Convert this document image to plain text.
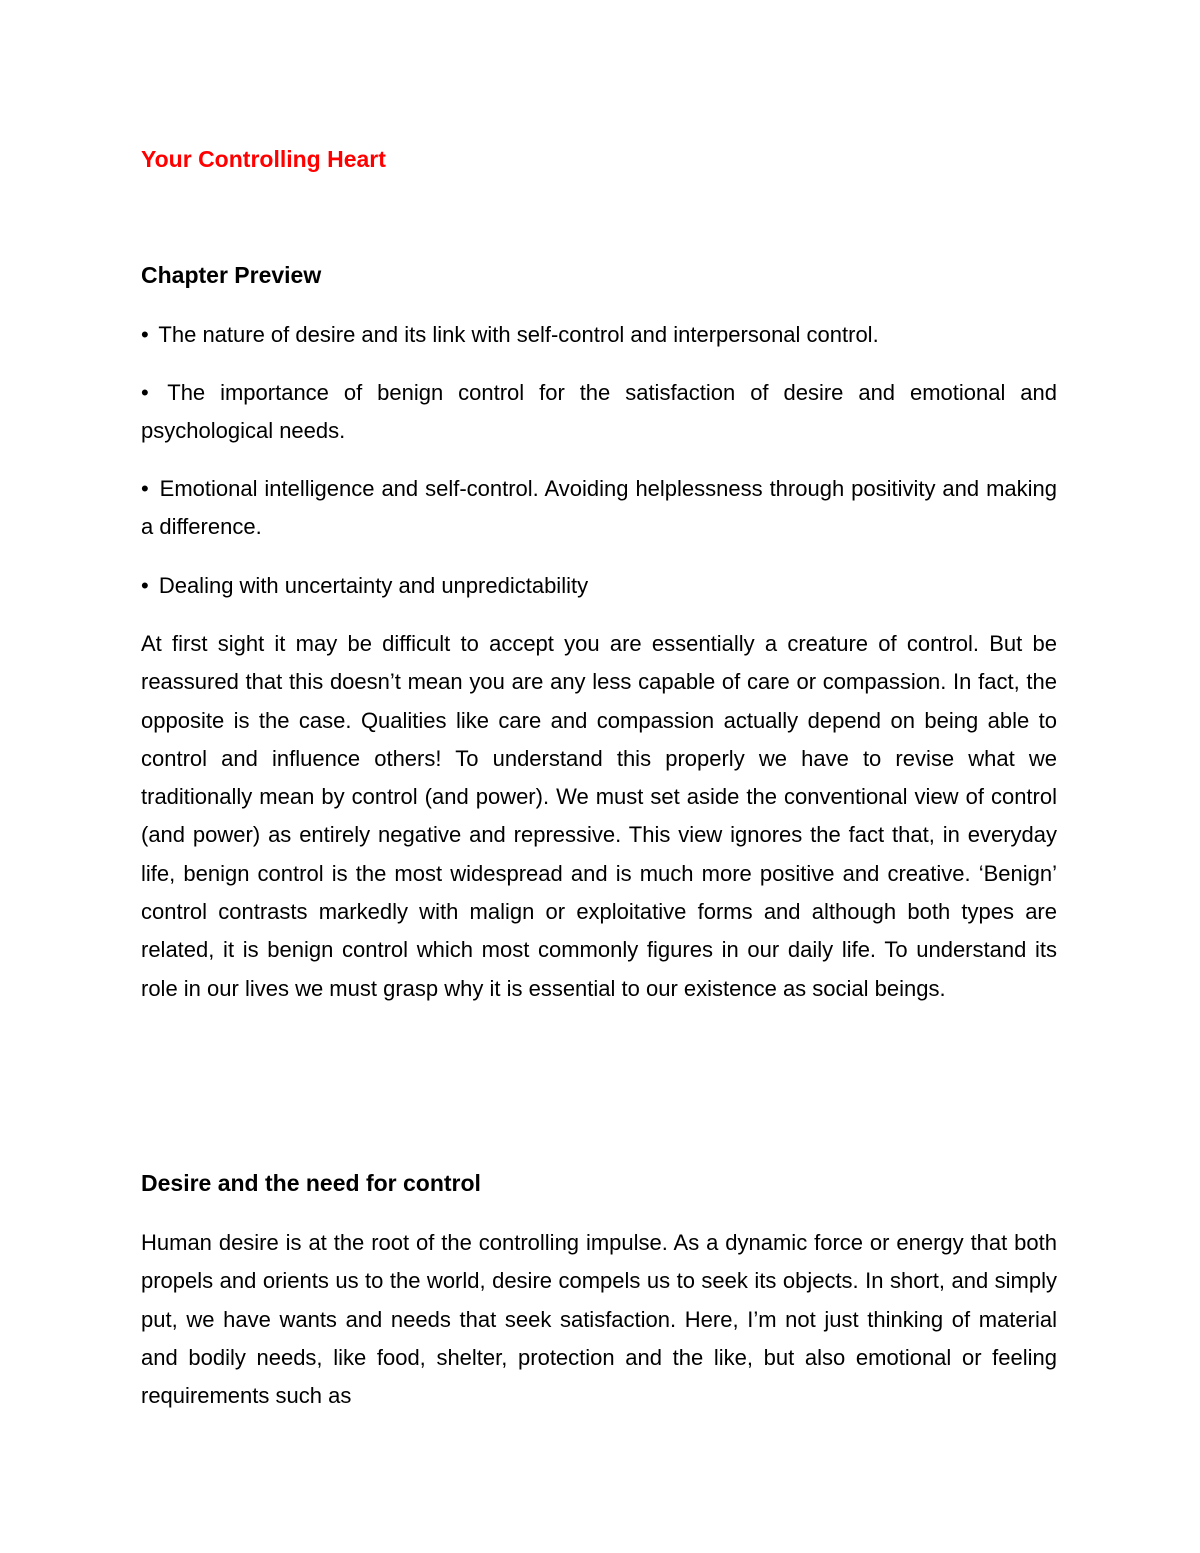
Your Controlling Heart
Chapter Preview

• The nature of desire and its link with self-control and interpersonal control.

• The importance of benign control for the satisfaction of desire and emotional and psychological needs.

• Emotional intelligence and self-control. Avoiding helplessness through positivity and making a difference.

• Dealing with uncertainty and unpredictability

At first sight it may be difficult to accept you are essentially a creature of control. But be reassured that this doesn’t mean you are any less capable of care or compassion. In fact, the opposite is the case. Qualities like care and compassion actually depend on being able to control and influence others! To understand this properly we have to revise what we traditionally mean by control (and power). We must set aside the conventional view of control (and power) as entirely negative and repressive. This view ignores the fact that, in everyday life, benign control is the most widespread and is much more positive and creative. ‘Benign’ control contrasts markedly with malign or exploitative forms and although both types are related, it is benign control which most commonly figures in our daily life. To understand its role in our lives we must grasp why it is essential to our existence as social beings.

Desire and the need for control

Human desire is at the root of the controlling impulse. As a dynamic force or energy that both propels and orients us to the world, desire compels us to seek its objects. In short, and simply put, we have wants and needs that seek satisfaction. Here, I’m not just thinking of material and bodily needs, like food, shelter, protection and the like, but also emotional or feeling requirements such as
